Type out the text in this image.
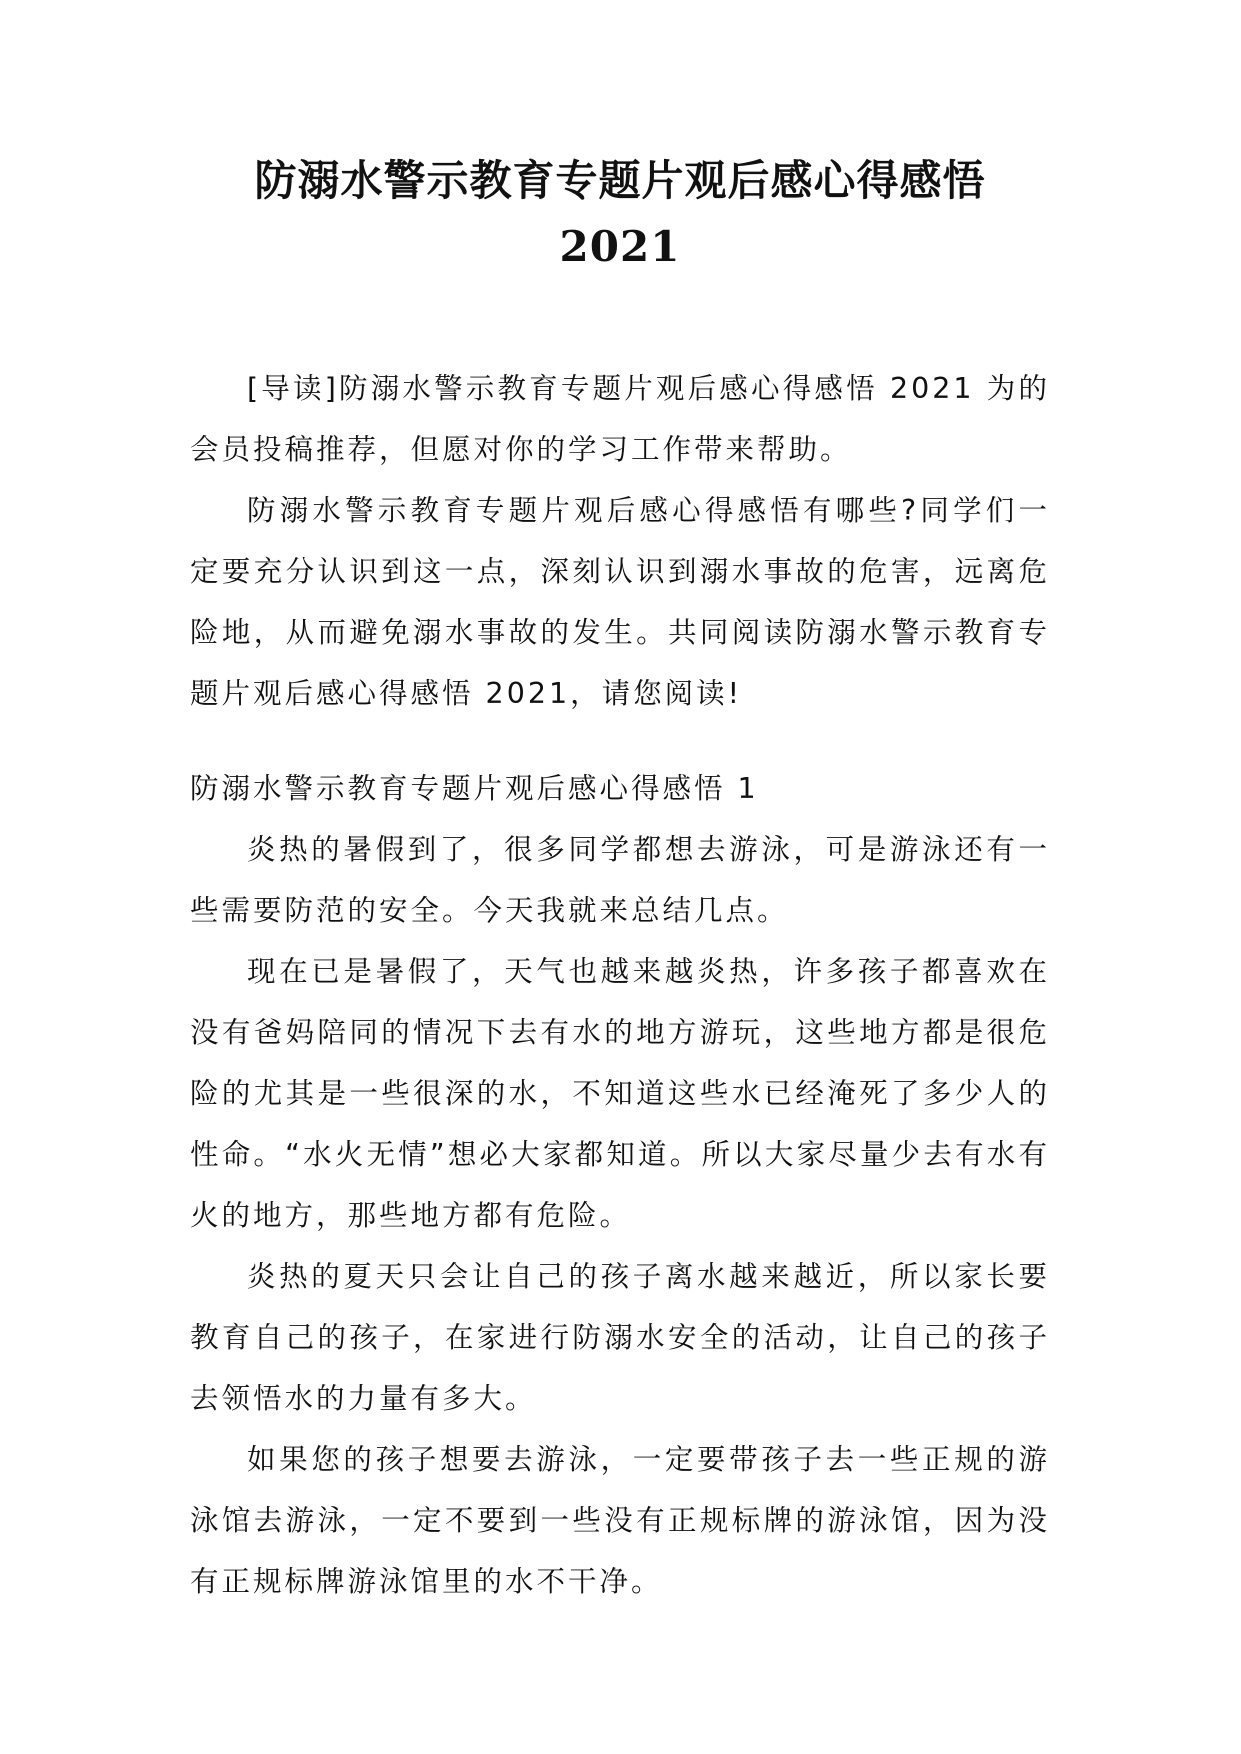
防溺水警示教育专题片观后感心得感悟
2021

[导读]防溺水警示教育专题片观后感心得感悟 2021 为的会员投稿推荐，但愿对你的学习工作带来帮助。

防溺水警示教育专题片观后感心得感悟有哪些?同学们一定要充分认识到这一点，深刻认识到溺水事故的危害，远离危险地，从而避免溺水事故的发生。共同阅读防溺水警示教育专题片观后感心得感悟 2021，请您阅读!

防溺水警示教育专题片观后感心得感悟 1

炎热的暑假到了，很多同学都想去游泳，可是游泳还有一些需要防范的安全。今天我就来总结几点。

现在已是暑假了，天气也越来越炎热，许多孩子都喜欢在没有爸妈陪同的情况下去有水的地方游玩，这些地方都是很危险的尤其是一些很深的水，不知道这些水已经淹死了多少人的性命。“水火无情”想必大家都知道。所以大家尽量少去有水有火的地方，那些地方都有危险。

炎热的夏天只会让自己的孩子离水越来越近，所以家长要教育自己的孩子，在家进行防溺水安全的活动，让自己的孩子去领悟水的力量有多大。

如果您的孩子想要去游泳，一定要带孩子去一些正规的游泳馆去游泳，一定不要到一些没有正规标牌的游泳馆，因为没有正规标牌游泳馆里的水不干净。
